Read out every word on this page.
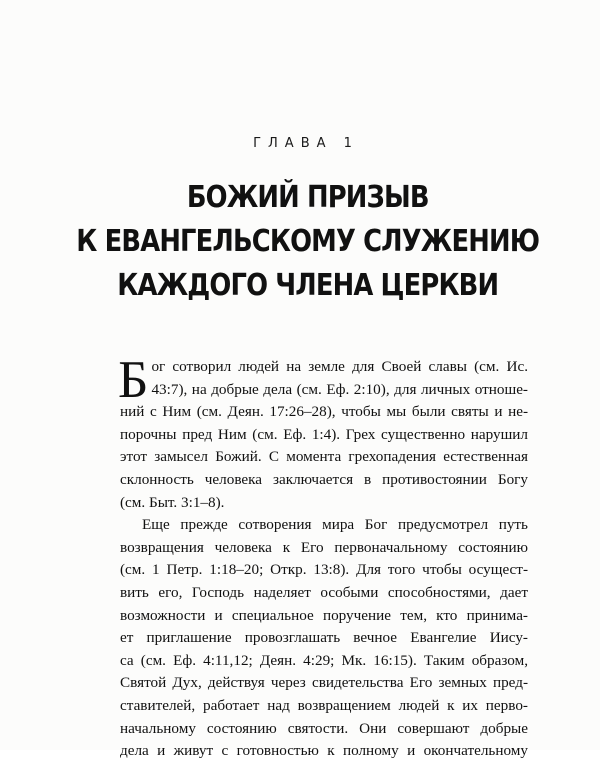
ГЛАВА 1
БОЖИЙ ПРИЗЫВ
К ЕВАНГЕЛЬСКОМУ СЛУЖЕНИЮ
КАЖДОГО ЧЛЕНА ЦЕРКВИ
Б ог сотворил людей на земле для Своей славы (см. Ис.
43:7), на добрые дела (см. Еф. 2:10), для личных отноше-
ний с Ним (см. Деян. 17:26–28), чтобы мы были святы и не-
порочны пред Ним (см. Еф. 1:4). Грех существенно нарушил
этот замысел Божий. С момента грехопадения естественная
склонность человека заключается в противостоянии Богу
(см. Быт. 3:1–8).
Еще прежде сотворения мира Бог предусмотрел путь
возвращения человека к Его первоначальному состоянию
(см. 1 Петр. 1:18–20; Откр. 13:8). Для того чтобы осущест-
вить его, Господь наделяет особыми способностями, дает
возможности и специальное поручение тем, кто принима-
ет приглашение провозглашать вечное Евангелие Иису-
са (см. Еф. 4:11,12; Деян. 4:29; Мк. 16:15). Таким образом,
Святой Дух, действуя через свидетельства Его земных пред-
ставителей, работает над возвращением людей к их перво-
начальному состоянию святости. Они совершают добрые
дела и живут с готовностью к полному и окончательному
